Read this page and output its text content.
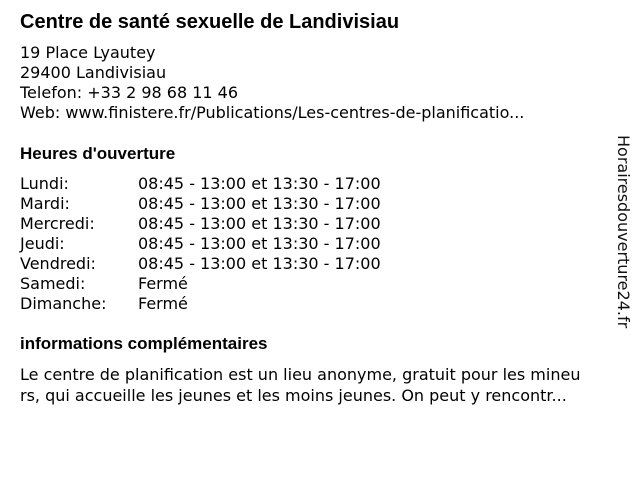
Centre de santé sexuelle de Landivisiau
19 Place Lyautey
29400 Landivisiau
Telefon: +33 2 98 68 11 46
Web: www.finistere.fr/Publications/Les-centres-de-planificatio...
Heures d'ouverture
Lundi:	08:45 - 13:00 et 13:30 - 17:00
Mardi:	08:45 - 13:00 et 13:30 - 17:00
Mercredi:	08:45 - 13:00 et 13:30 - 17:00
Jeudi:	08:45 - 13:00 et 13:30 - 17:00
Vendredi:	08:45 - 13:00 et 13:30 - 17:00
Samedi:	Fermé
Dimanche:	Fermé
informations complémentaires
Le centre de planification est un lieu anonyme, gratuit pour les mineu
rs, qui accueille les jeunes et les moins jeunes. On peut y rencontr...
Horairesdouverture24.fr
